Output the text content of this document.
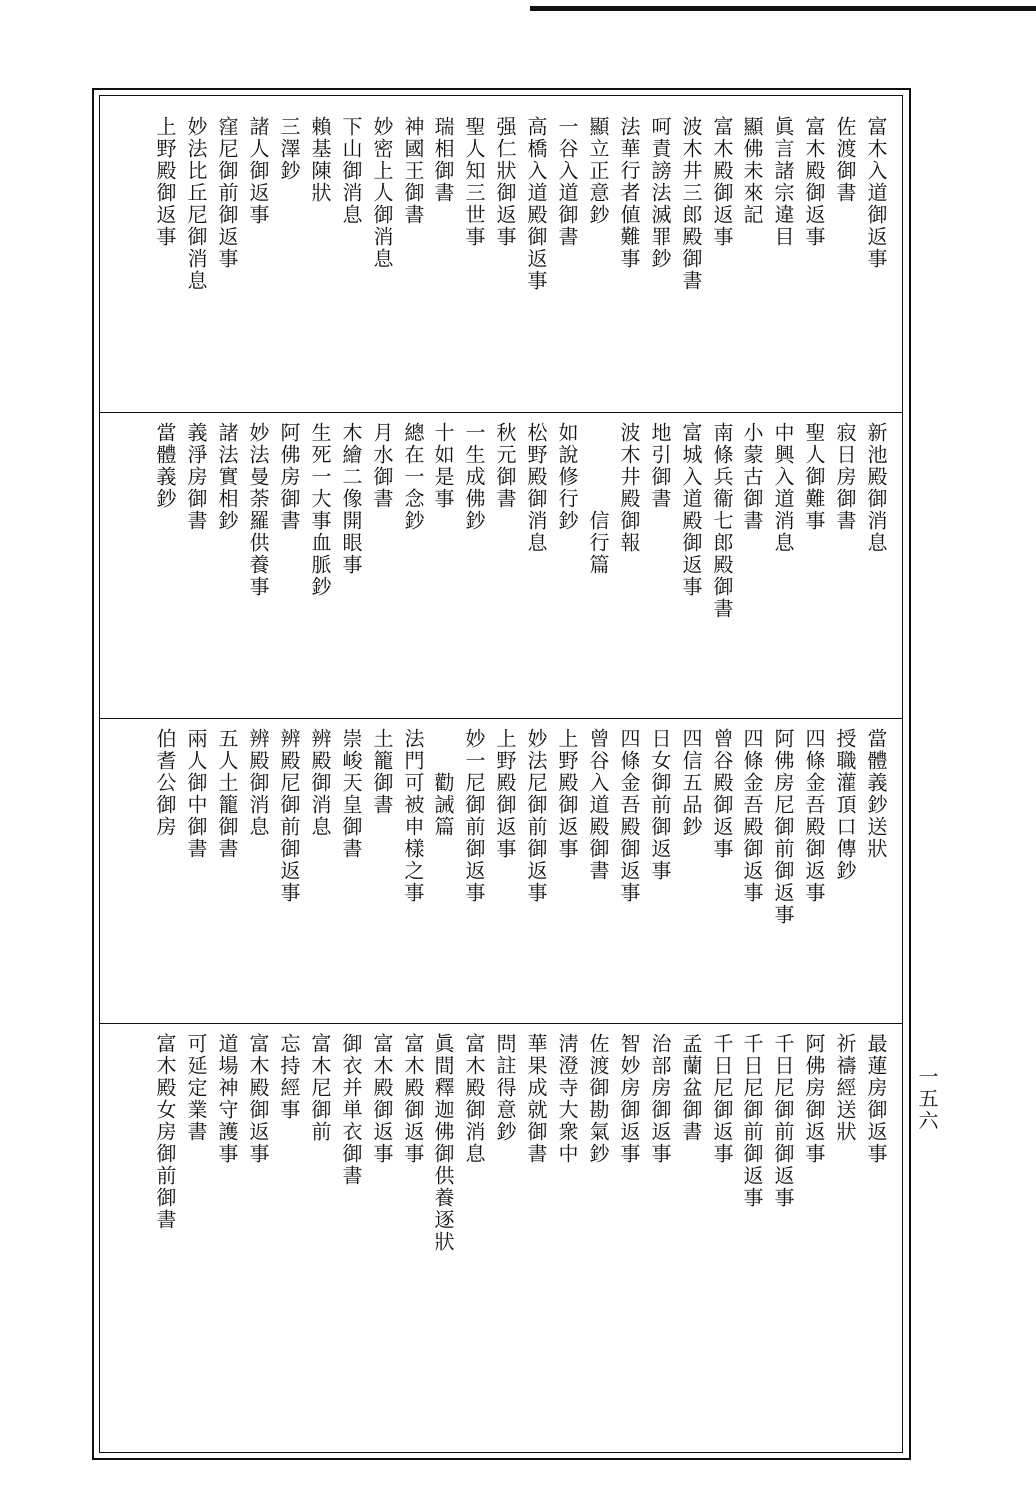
富木入道御返事
佐渡御書
富木殿御返事
眞言諸宗違目
顯佛未來記
富木殿御返事
波木井三郎殿御書
呵責謗法滅罪鈔
法華行者値難事
顯立正意鈔
一谷入道御書
高橋入道殿御返事
强仁狀御返事
聖人知三世事
瑞相御書
神國王御書
妙密上人御消息
下山御消息
賴基陳狀
三澤鈔
諸人御返事
窪尼御前御返事
妙法比丘尼御消息
上野殿御返事
新池殿御消息
寂日房御書
聖人御難事
中興入道消息
小蒙古御書
南條兵衞七郎殿御書
富城入道殿御返事
地引御書
波木井殿御報
信行篇
如說修行鈔
松野殿御消息
秋元御書
一生成佛鈔
十如是事
總在一念鈔
月水御書
木繪二像開眼事
生死一大事血脈鈔
阿佛房御書
妙法曼荼羅供養事
諸法實相鈔
義淨房御書
當體義鈔
當體義鈔送狀
授職灌頂口傳鈔
四條金吾殿御返事
阿佛房尼御前御返事
四條金吾殿御返事
曾谷殿御返事
四信五品鈔
日女御前御返事
四條金吾殿御返事
曾谷入道殿御書
上野殿御返事
妙法尼御前御返事
上野殿御返事
妙一尼御前御返事
勸誡篇
法門可被申樣之事
土籠御書
崇峻天皇御書
辨殿御消息
辨殿尼御前御返事
辨殿御消息
五人土籠御書
兩人御中御書
伯耆公御房
最蓮房御返事
祈禱經送狀
阿佛房御返事
千日尼御前御返事
千日尼御前御返事
千日尼御返事
孟蘭盆御書
治部房御返事
智妙房御返事
佐渡御勘氣鈔
淸澄寺大衆中
華果成就御書
問註得意鈔
富木殿御消息
眞間釋迦佛御供養逐狀
富木殿御返事
富木殿御返事
御衣并単衣御書
富木尼御前
忘持經事
富木殿御返事
道場神守護事
可延定業書
富木殿女房御前御書	一五六
